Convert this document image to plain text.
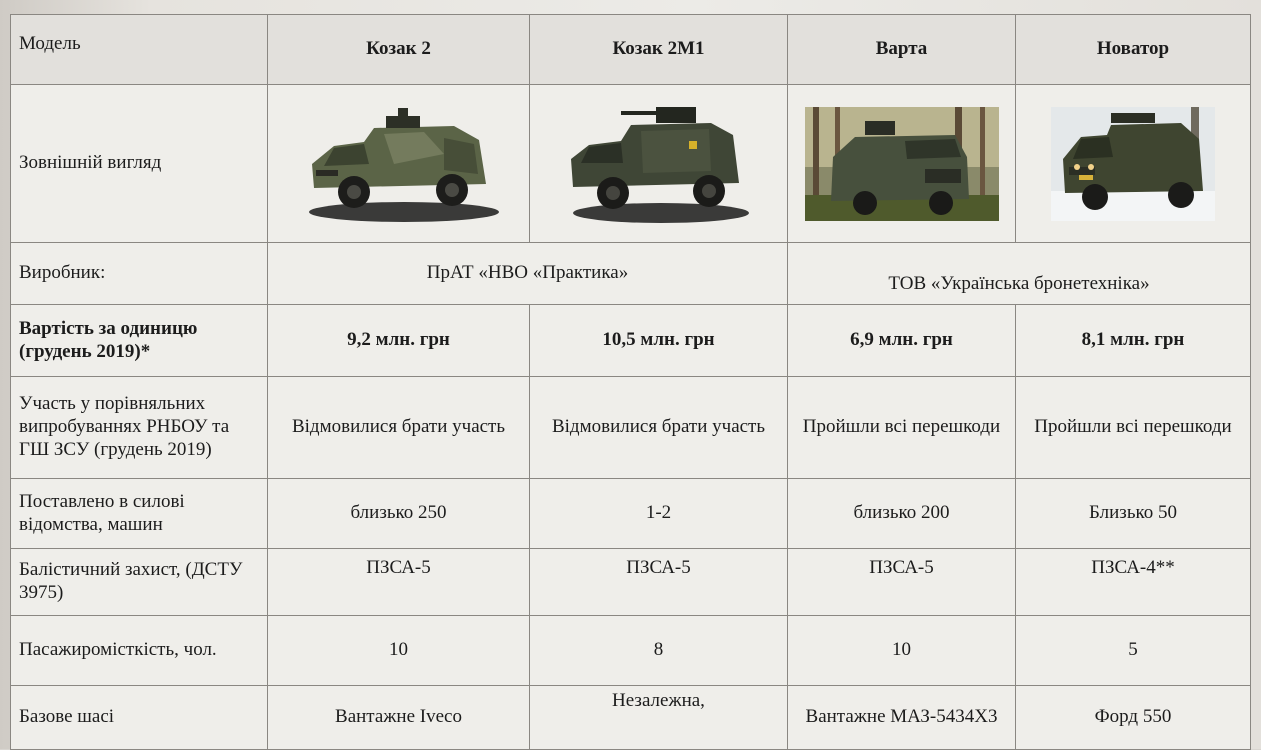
Модель	Козак 2	Козак 2М1	Варта	Новатор
Зовнішній вигляд	

Виробник:	ПрАТ «НВО «Практика»		ТОВ «Українська бронетехніка»	
Вартість за одиницю (грудень 2019)*	9,2 млн. грн	10,5 млн. грн	6,9 млн. грн	8,1 млн. грн
Участь у порівняльних випробуваннях РНБОУ та ГШ ЗСУ (грудень 2019)	Відмовилися брати участь	Відмовилися брати участь	Пройшли всі перешкоди	Пройшли всі перешкоди
Поставлено в силові відомства, машин	близько 250	1-2	близько 200	Близько 50
Балістичний захист, (ДСТУ 3975)	ПЗСА-5	ПЗСА-5	ПЗСА-5	ПЗСА-4**
Пасажиромісткість, чол.	10	8	10	5
Базове шасі	Вантажне Iveco	Незалежна,	Вантажне МАЗ-5434Х3	Форд 550
